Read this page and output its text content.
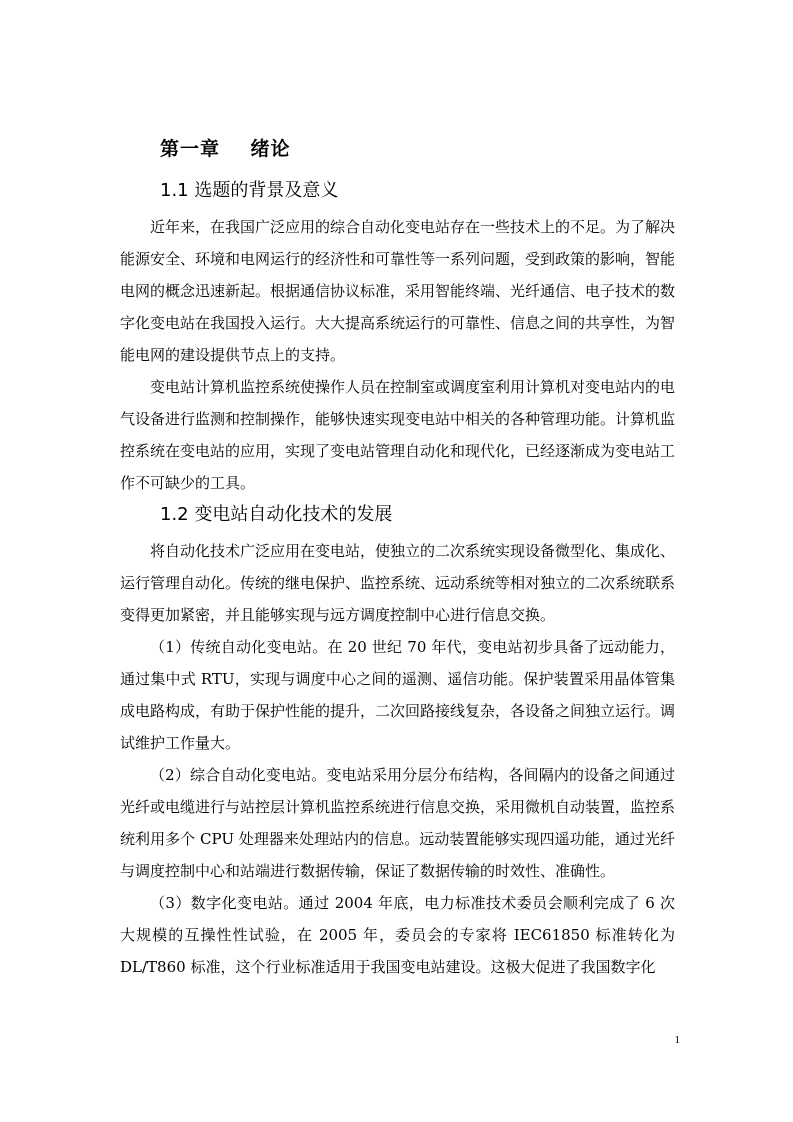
第一章    绪论
1.1 选题的背景及意义

近年来，在我国广泛应用的综合自动化变电站存在一些技术上的不足。为了解决能源安全、环境和电网运行的经济性和可靠性等一系列问题，受到政策的影响，智能电网的概念迅速新起。根据通信协议标准，采用智能终端、光纤通信、电子技术的数字化变电站在我国投入运行。大大提高系统运行的可靠性、信息之间的共享性，为智能电网的建设提供节点上的支持。

变电站计算机监控系统使操作人员在控制室或调度室利用计算机对变电站内的电气设备进行监测和控制操作，能够快速实现变电站中相关的各种管理功能。计算机监控系统在变电站的应用，实现了变电站管理自动化和现代化，已经逐渐成为变电站工作不可缺少的工具。

1.2 变电站自动化技术的发展

将自动化技术广泛应用在变电站，使独立的二次系统实现设备微型化、集成化、运行管理自动化。传统的继电保护、监控系统、远动系统等相对独立的二次系统联系变得更加紧密，并且能够实现与远方调度控制中心进行信息交换。

（1）传统自动化变电站。在 20 世纪 70 年代，变电站初步具备了远动能力，通过集中式 RTU，实现与调度中心之间的遥测、遥信功能。保护装置采用晶体管集成电路构成，有助于保护性能的提升，二次回路接线复杂，各设备之间独立运行。调试维护工作量大。

（2）综合自动化变电站。变电站采用分层分布结构，各间隔内的设备之间通过光纤或电缆进行与站控层计算机监控系统进行信息交换，采用微机自动装置，监控系统利用多个 CPU 处理器来处理站内的信息。远动装置能够实现四遥功能，通过光纤与调度控制中心和站端进行数据传输，保证了数据传输的时效性、准确性。

（3）数字化变电站。通过 2004 年底，电力标准技术委员会顺利完成了 6 次大规模的互操性性试验，在 2005 年，委员会的专家将 IEC61850 标准转化为 DL/T860 标准，这个行业标准适用于我国变电站建设。这极大促进了我国数字化

1
